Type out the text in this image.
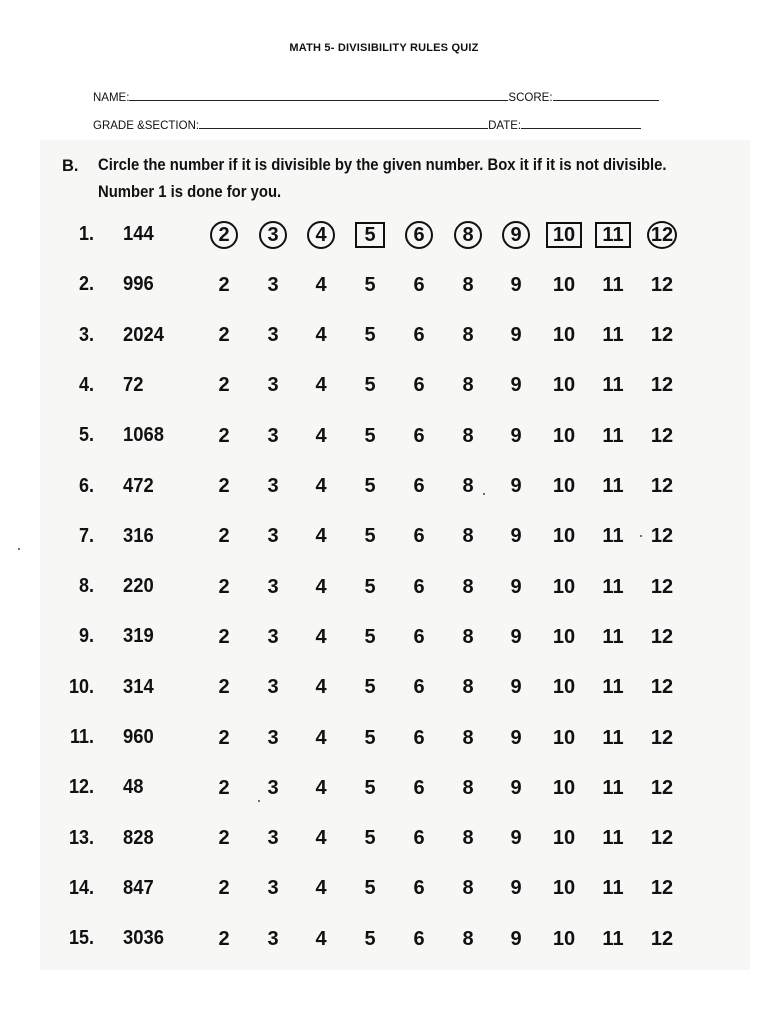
MATH 5- DIVISIBILITY RULES QUIZ
NAME:	SCORE:
GRADE &SECTION:	DATE:
B. Circle the number if it is divisible by the given number. Box it if it is not divisible.
Number 1 is done for you.
1. 144	2	3	4	5	6	8	9	10	11	12
2. 996	2	3	4	5	6	8	9	10	11	12
3. 2024	2	3	4	5	6	8	9	10	11	12
4. 72	2	3	4	5	6	8	9	10	11	12
5. 1068	2	3	4	5	6	8	9	10	11	12
6. 472	2	3	4	5	6	8	9	10	11	12
7. 316	2	3	4	5	6	8	9	10	11	12
8. 220	2	3	4	5	6	8	9	10	11	12
9. 319	2	3	4	5	6	8	9	10	11	12
10. 314	2	3	4	5	6	8	9	10	11	12
11. 960	2	3	4	5	6	8	9	10	11	12
12. 48	2	3	4	5	6	8	9	10	11	12
13. 828	2	3	4	5	6	8	9	10	11	12
14. 847	2	3	4	5	6	8	9	10	11	12
15. 3036	2	3	4	5	6	8	9	10	11	12
